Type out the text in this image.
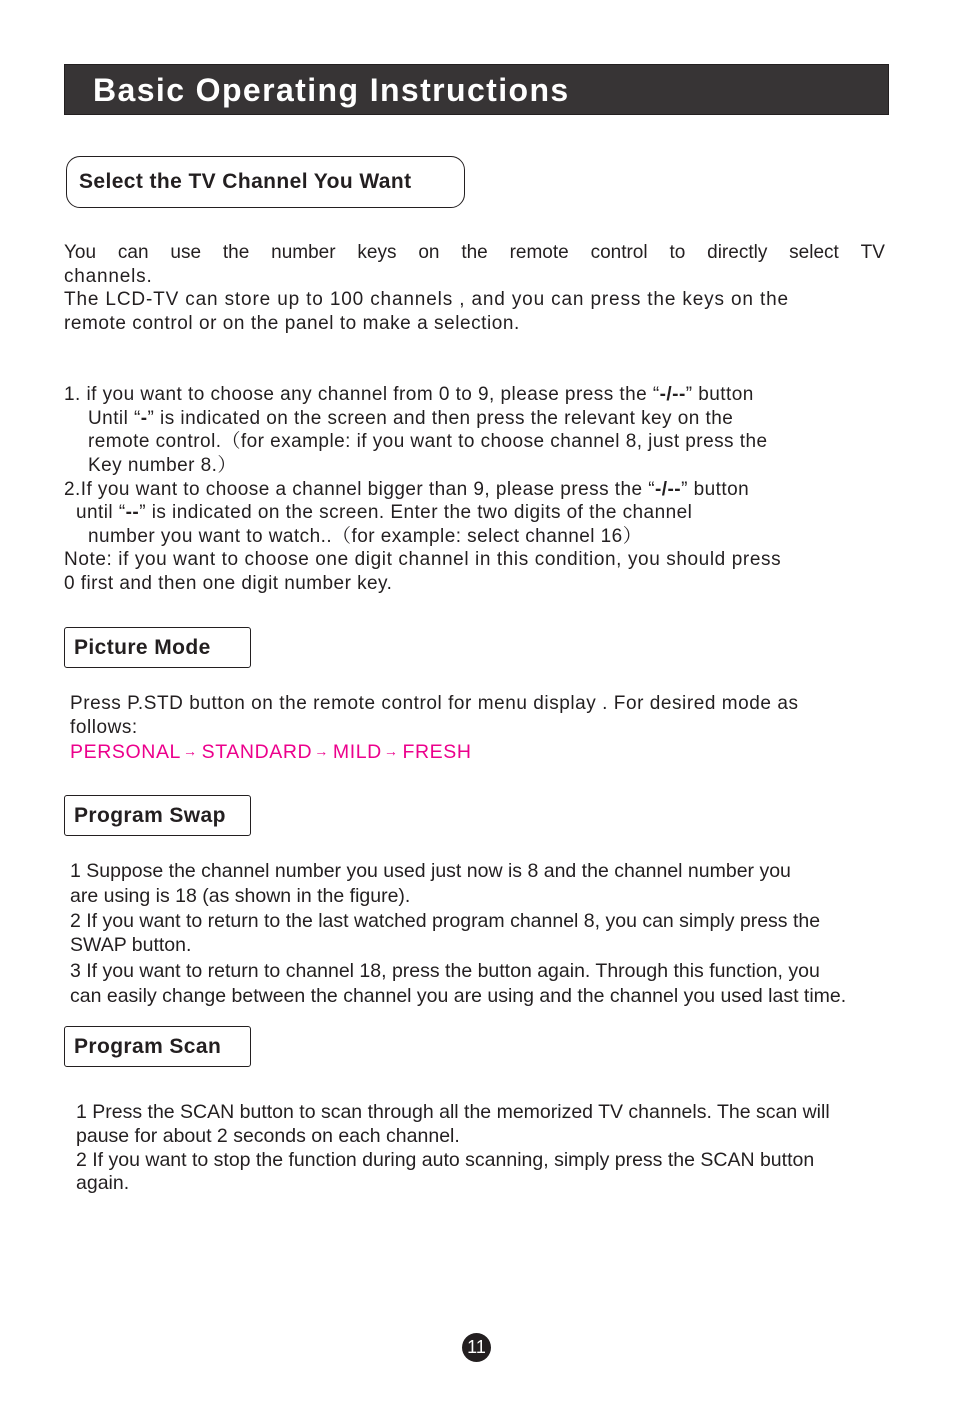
Basic Operating Instructions
Select the TV Channel You Want
You can use the number keys on the remote control to directly select TV
channels.
The LCD-TV can store up to 100 channels , and you can press the keys on the
remote control or on the panel to make a selection.
1. if you want to choose any channel from 0 to 9, please press the “-/--” button
Until “-” is indicated on the screen and then press the relevant key on the
remote control.（for example: if you want to choose channel 8, just press the
Key number 8.）
2.If you want to choose a channel bigger than 9, please press the “-/--” button
until “--” is indicated on the screen. Enter the two digits of the channel
number you want to watch..（for example: select channel 16）
Note: if you want to choose one digit channel in this condition, you should press
0 first and then one digit number key.
Picture Mode
Press P.STD button on the remote control for menu display . For desired mode as
follows:
PERSONAL → STANDARD → MILD → FRESH
Program Swap
1 Suppose the channel number you used just now is 8 and the channel number you
are using is 18 (as shown in the figure).
2 If you want to return to the last watched program channel 8, you can simply press the
SWAP button.
3 If you want to return to channel 18, press the button again. Through this function, you
can easily change between the channel you are using and the channel you used last time.
Program Scan
1 Press the SCAN button to scan through all the memorized TV channels. The scan will
pause for about 2 seconds on each channel.
2 If you want to stop the function during auto scanning, simply press the SCAN button
again.
11
